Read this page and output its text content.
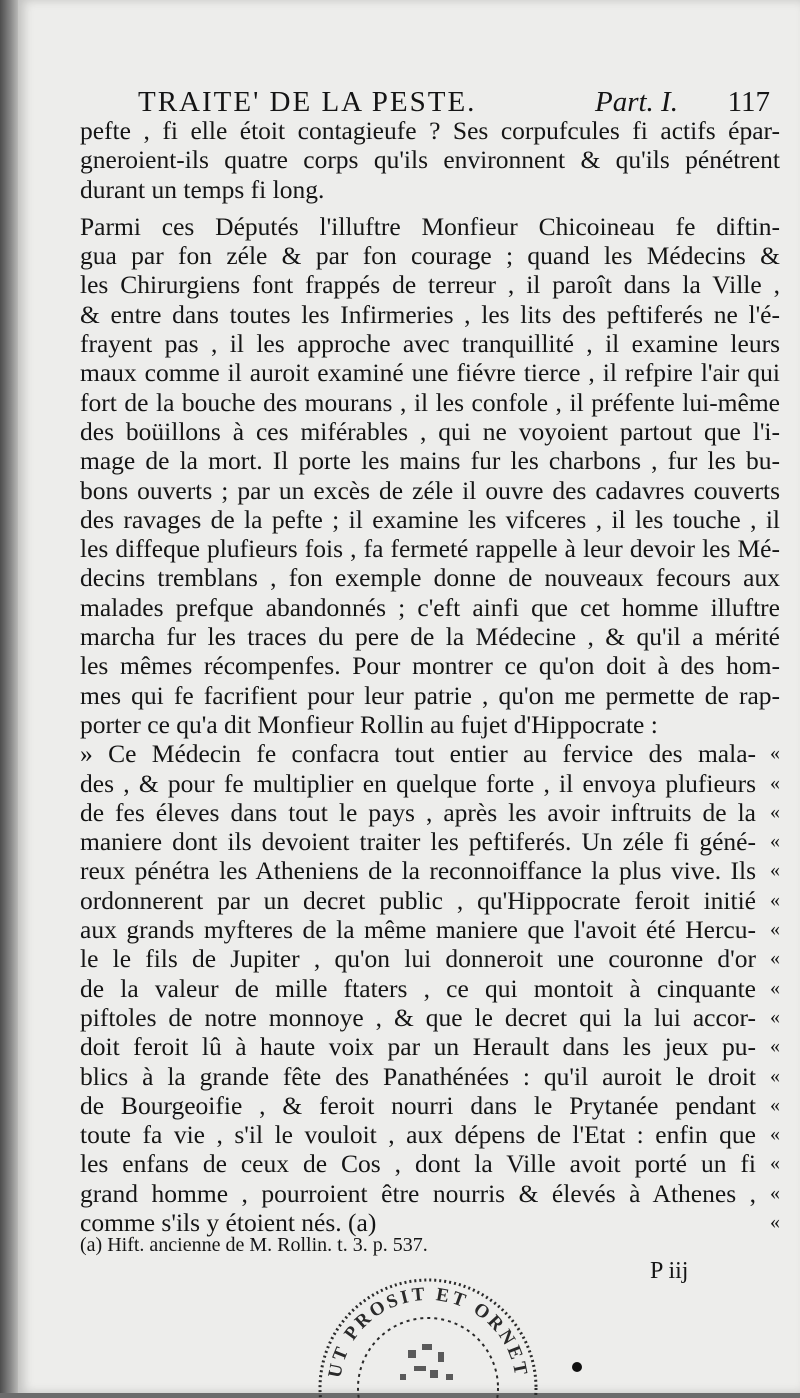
TRAITE' DE LA PESTE.	Part. I. 117
pefte , fi elle étoit contagieufe ? Ses corpufcules fi actifs épar-
gneroient-ils quatre corps qu'ils environnent & qu'ils pénétrent
durant un temps fi long.
Parmi ces Députés l'illuftre Monfieur Chicoineau fe diftin-
gua par fon zéle & par fon courage ; quand les Médecins &
les Chirurgiens font frappés de terreur , il paroît dans la Ville ,
& entre dans toutes les Infirmeries , les lits des peftiferés ne l'é-
frayent pas , il les approche avec tranquillité , il examine leurs
maux comme il auroit examiné une fiévre tierce , il refpire l'air qui
fort de la bouche des mourans , il les confole , il préfente lui-même
des boüillons à ces miférables , qui ne voyoient partout que l'i-
mage de la mort. Il porte les mains fur les charbons , fur les bu-
bons ouverts ; par un excès de zéle il ouvre des cadavres couverts
des ravages de la pefte ; il examine les vifceres , il les touche , il
les diffeque plufieurs fois , fa fermeté rappelle à leur devoir les Mé-
decins tremblans , fon exemple donne de nouveaux fecours aux
malades prefque abandonnés ; c'eft ainfi que cet homme illuftre
marcha fur les traces du pere de la Médecine , & qu'il a mérité
les mêmes récompenfes. Pour montrer ce qu'on doit à des hom-
mes qui fe facrifient pour leur patrie , qu'on me permette de rap-
porter ce qu'a dit Monfieur Rollin au fujet d'Hippocrate :
» Ce Médecin fe confacra tout entier au fervice des mala- «
des , & pour fe multiplier en quelque forte , il envoya plufieurs «
de fes éleves dans tout le pays , après les avoir inftruits de la «
maniere dont ils devoient traiter les peftiferés. Un zéle fi géné- «
reux pénétra les Atheniens de la reconnoiffance la plus vive. Ils «
ordonnerent par un decret public , qu'Hippocrate feroit initié «
aux grands myfteres de la même maniere que l'avoit été Hercu- «
le le fils de Jupiter , qu'on lui donneroit une couronne d'or «
de la valeur de mille ftaters , ce qui montoit à cinquante «
piftoles de notre monnoye , & que le decret qui la lui accor- «
doit feroit lû à haute voix par un Herault dans les jeux pu- «
blics à la grande fête des Panathénées : qu'il auroit le droit «
de Bourgeoifie , & feroit nourri dans le Prytanée pendant «
toute fa vie , s'il le vouloit , aux dépens de l'Etat : enfin que «
les enfans de ceux de Cos , dont la Ville avoit porté un fi «
grand homme , pourroient être nourris & élevés à Athenes , «
comme s'ils y étoient nés. (a)	«
(a) Hift. ancienne de M. Rollin. t. 3. p. 537.
P iij
UT PROSIT ET ORNET
